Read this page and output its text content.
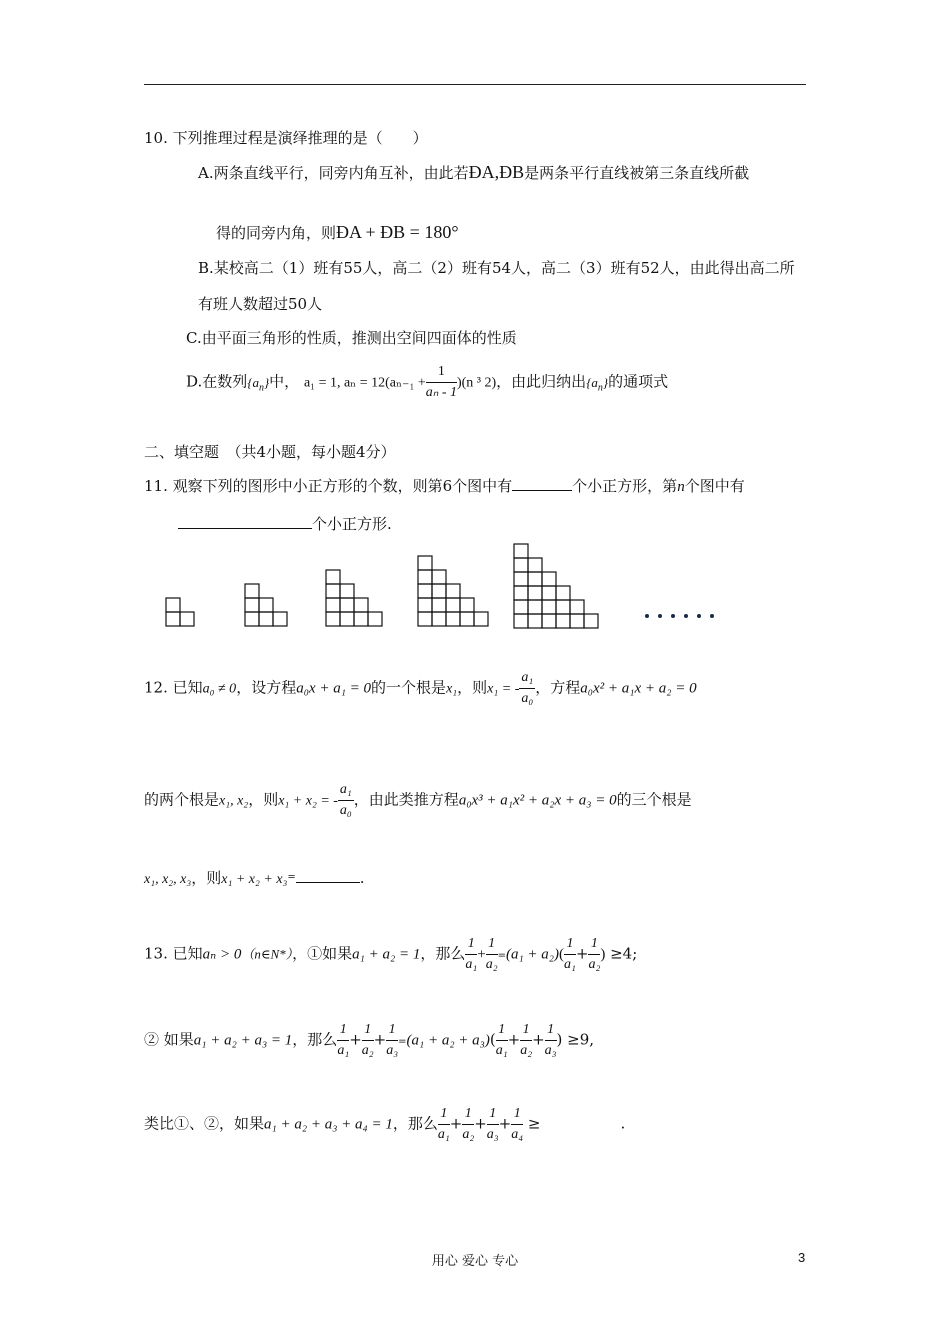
10. 下列推理过程是演绎推理的是（　　）
A.两条直线平行，同旁内角互补，由此若ÐA,ÐB是两条平行直线被第三条直线所截
得的同旁内角，则ÐA + ÐB = 180°
B.某校高二（1）班有55人，高二（2）班有54人，高二（3）班有52人，由此得出高二所
有班人数超过50人
C.由平面三角形的性质，推测出空间四面体的性质
D.在数列$\{a_n\}$中， a₁ = 1, $a_n = 12(a_{n-1} + \frac{1}{\text{aₙ - 1}} )(n$ ³ 2)，由此归纳出$\{a_n\}$的通项式
二、填空题　（共4小题，每小题4分）
11. 观察下列的图形中小正方形的个数，则第6个图中有	个小正方形，第n个图中有
个小正方形.
12. 已知a₀ ≠ 0，设方程a₀x + a₁ = 0的一个根是x₁，则x₁ = - $\frac{\text{a₁}}{\text{a₀}}$ ，方程a₀x² + a₁x + a₂ = 0
的两个根是x₁, x₂，则x₁ + x₂ = - $\frac{\text{a₁}}{\text{a₀}}$ ，由此类推方程a₀x³ + a₁x² + a₂x + a₃ = 0的三个根是
x₁, x₂, x₃，则x₁ + x₂ + x₃=	.
13. 已知aₙ > 0（n∈N*），①如果a₁ + a₂ = 1，那么 $\frac{1}{\text{a₁}} + \frac{1}{\text{a₂}} =(a_1 + a_2)( \frac{1}{\text{a₁}} + \frac{1}{\text{a₂}}$ ) ≥4;
② 如果a₁ + a₂ + a₃ = 1，那么 $\frac{1}{\text{a₁}} + \frac{1}{\text{a₂}} + \frac{1}{\text{a₃}} =(a_1 + a_2 + a_3)( \frac{1}{\text{a₁}} + \frac{1}{\text{a₂}} + \frac{1}{\text{a₃}}$ ) ≥9,
类比①、②，如果a₁ + a₂ + a₃ + a₄ = 1，那么 $\frac{1}{\text{a₁}} + \frac{1}{\text{a₂}} + \frac{1}{\text{a₃}} + \frac{1}{\text{a₄}}$ ≥	.
用心 爱心 专心	3
